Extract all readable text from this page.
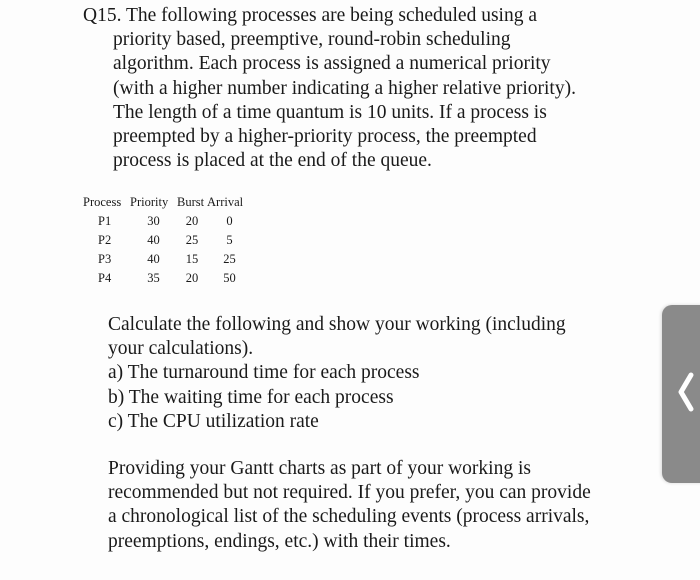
Q15. The following processes are being scheduled using a
priority based, preemptive, round-robin scheduling
algorithm. Each process is assigned a numerical priority
(with a higher number indicating a higher relative priority).
The length of a time quantum is 10 units. If a process is
preempted by a higher-priority process, the preempted
process is placed at the end of the queue.
Process	Priority	Burst	Arrival
P1	30	20	0
P2	40	25	5
P3	40	15	25
P4	35	20	50
Calculate the following and show your working (including
your calculations).
a) The turnaround time for each process
b) The waiting time for each process
c) The CPU utilization rate
Providing your Gantt charts as part of your working is
recommended but not required. If you prefer, you can provide
a chronological list of the scheduling events (process arrivals,
preemptions, endings, etc.) with their times.
